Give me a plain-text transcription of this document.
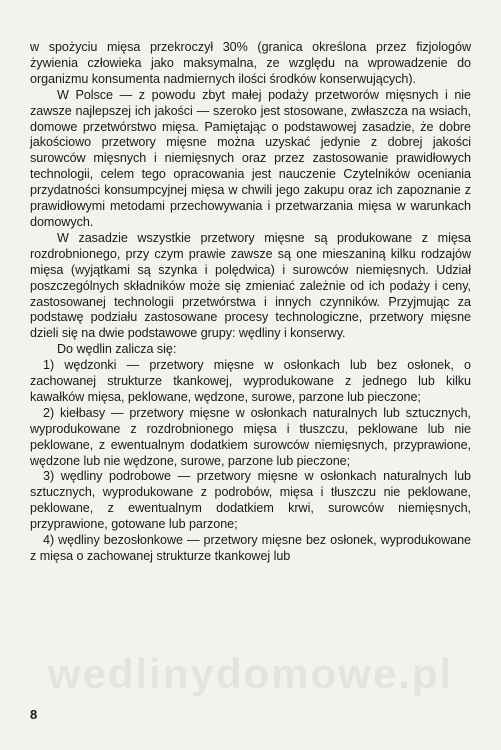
w spożyciu mięsa przekroczył 30% (granica określona przez fizjologów żywienia człowieka jako maksymalna, ze względu na wprowadzenie do organizmu konsumenta nadmiernych ilości środków konserwujących).

W Polsce — z powodu zbyt małej podaży przetworów mięsnych i nie zawsze najlepszej ich jakości — szeroko jest stosowane, zwłaszcza na wsiach, domowe przetwórstwo mięsa. Pamiętając o podstawowej zasadzie, że dobre jakościowo przetwory mięsne można uzyskać jedynie z dobrej jakości surowców mięsnych i niemięsnych oraz przez zastosowanie prawidłowych technologii, celem tego opracowania jest nauczenie Czytelników oceniania przydatności konsumpcyjnej mięsa w chwili jego zakupu oraz ich zapoznanie z prawidłowymi metodami przechowywania i przetwarzania mięsa w warunkach domowych.

W zasadzie wszystkie przetwory mięsne są produkowane z mięsa rozdrobnionego, przy czym prawie zawsze są one mieszaniną kilku rodzajów mięsa (wyjątkami są szynka i polędwica) i surowców niemięsnych. Udział poszczególnych składników może się zmieniać zależnie od ich podaży i ceny, zastosowanej technologii przetwórstwa i innych czynników. Przyjmując za podstawę podziału zastosowane procesy technologiczne, przetwory mięsne dzieli się na dwie podstawowe grupy: wędliny i konserwy.

Do wędlin zalicza się:

1) wędzonki — przetwory mięsne w osłonkach lub bez osłonek, o zachowanej strukturze tkankowej, wyprodukowane z jednego lub kilku kawałków mięsa, peklowane, wędzone, surowe, parzone lub pieczone;

2) kiełbasy — przetwory mięsne w osłonkach naturalnych lub sztucznych, wyprodukowane z rozdrobnionego mięsa i tłuszczu, peklowane lub nie peklowane, z ewentualnym dodatkiem surowców niemięsnych, przyprawione, wędzone lub nie wędzone, surowe, parzone lub pieczone;

3) wędliny podrobowe — przetwory mięsne w osłonkach naturalnych lub sztucznych, wyprodukowane z podrobów, mięsa i tłuszczu nie peklowane, peklowane, z ewentualnym dodatkiem krwi, surowców niemięsnych, przyprawione, gotowane lub parzone;

4) wędliny bezosłonkowe — przetwory mięsne bez osłonek, wyprodukowane z mięsa o zachowanej strukturze tkankowej lub

wedlinydomowe.pl
8
